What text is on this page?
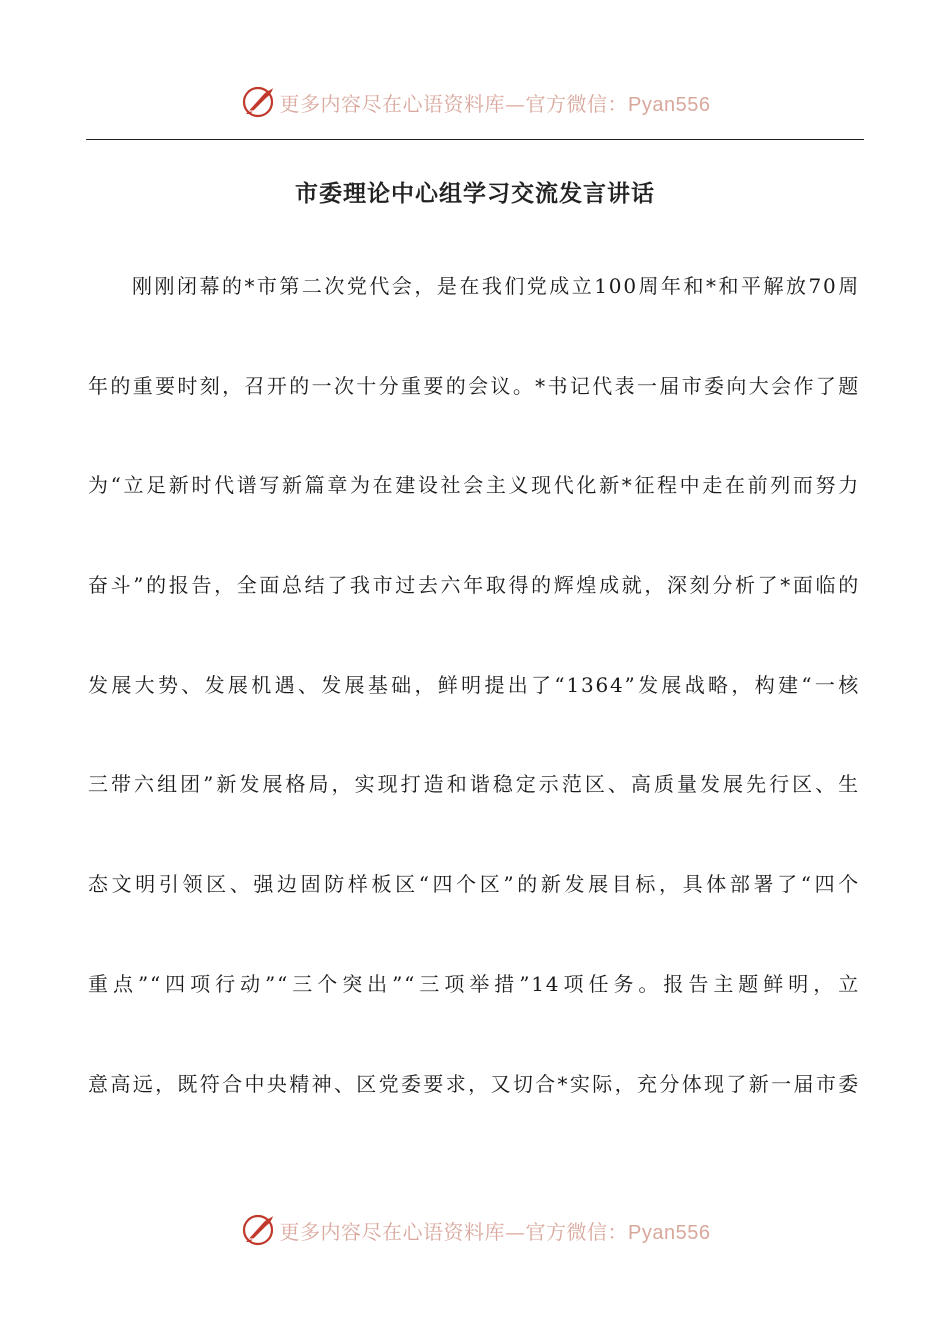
更多内容尽在心语资料库—官方微信：Pyan556
市委理论中心组学习交流发言讲话
刚刚闭幕的*市第二次党代会，是在我们党成立100周年和*和平解放70周
年的重要时刻，召开的一次十分重要的会议。*书记代表一届市委向大会作了题
为“立足新时代谱写新篇章为在建设社会主义现代化新*征程中走在前列而努力
奋斗”的报告，全面总结了我市过去六年取得的辉煌成就，深刻分析了*面临的
发展大势、发展机遇、发展基础，鲜明提出了“1364”发展战略，构建“一核
三带六组团”新发展格局，实现打造和谐稳定示范区、高质量发展先行区、生
态文明引领区、强边固防样板区“四个区”的新发展目标，具体部署了“四个
重点”“四项行动”“三个突出”“三项举措”14项任务。报告主题鲜明，立
意高远，既符合中央精神、区党委要求，又切合*实际，充分体现了新一届市委
更多内容尽在心语资料库—官方微信：Pyan556
